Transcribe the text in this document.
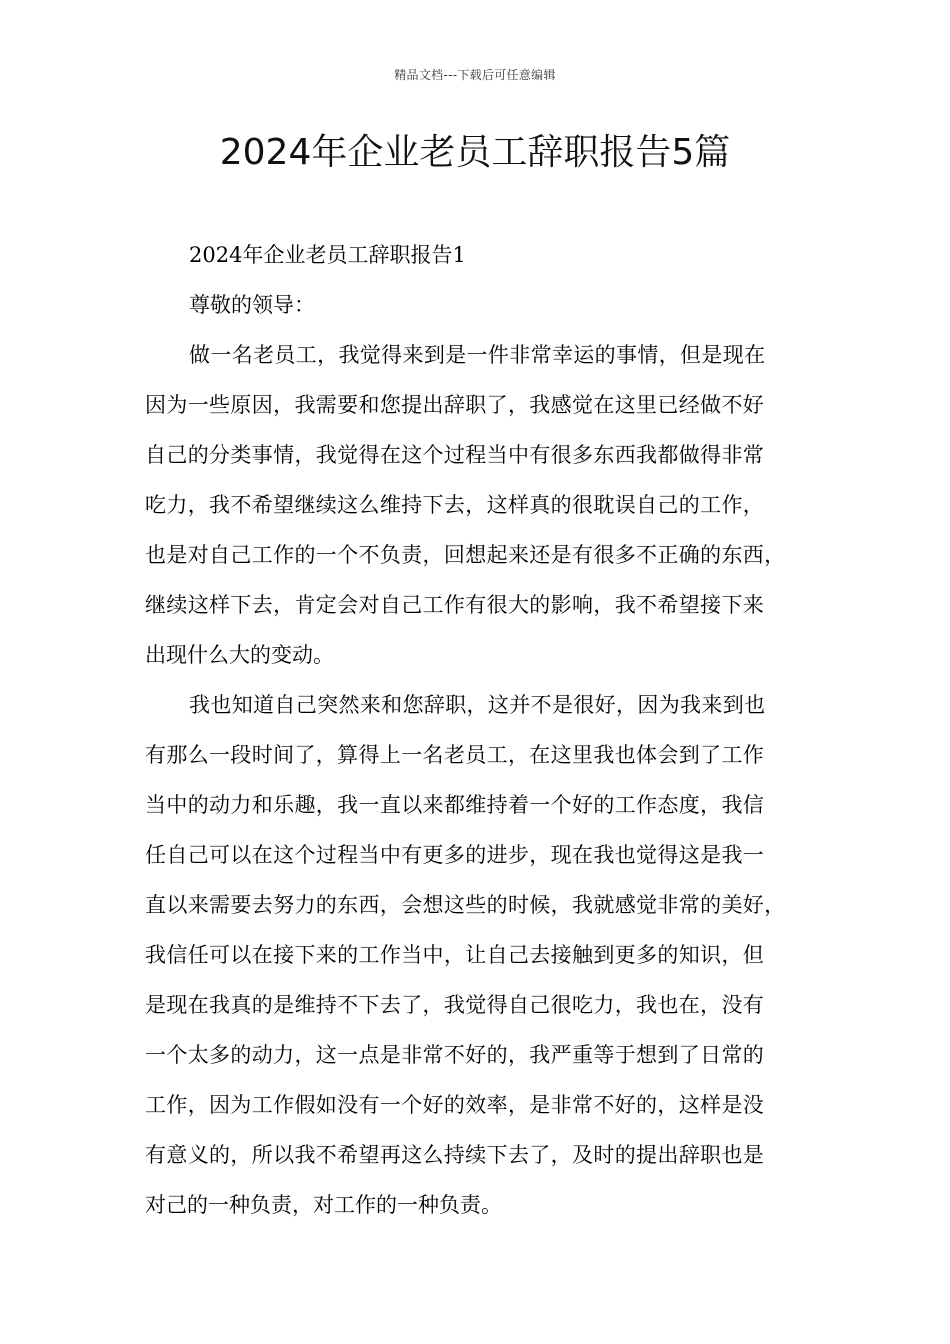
精品文档---下载后可任意编辑
2024年企业老员工辞职报告5篇
2024年企业老员工辞职报告1
尊敬的领导：
做一名老员工，我觉得来到是一件非常幸运的事情，但是现在
因为一些原因，我需要和您提出辞职了，我感觉在这里已经做不好
自己的分类事情，我觉得在这个过程当中有很多东西我都做得非常
吃力，我不希望继续这么维持下去，这样真的很耽误自己的工作，
也是对自己工作的一个不负责，回想起来还是有很多不正确的东西，
继续这样下去，肯定会对自己工作有很大的影响，我不希望接下来
出现什么大的变动。
我也知道自己突然来和您辞职，这并不是很好，因为我来到也
有那么一段时间了，算得上一名老员工，在这里我也体会到了工作
当中的动力和乐趣，我一直以来都维持着一个好的工作态度，我信
任自己可以在这个过程当中有更多的进步，现在我也觉得这是我一
直以来需要去努力的东西，会想这些的时候，我就感觉非常的美好，
我信任可以在接下来的工作当中，让自己去接触到更多的知识，但
是现在我真的是维持不下去了，我觉得自己很吃力，我也在，没有
一个太多的动力，这一点是非常不好的，我严重等于想到了日常的
工作，因为工作假如没有一个好的效率，是非常不好的，这样是没
有意义的，所以我不希望再这么持续下去了，及时的提出辞职也是
对己的一种负责，对工作的一种负责。
